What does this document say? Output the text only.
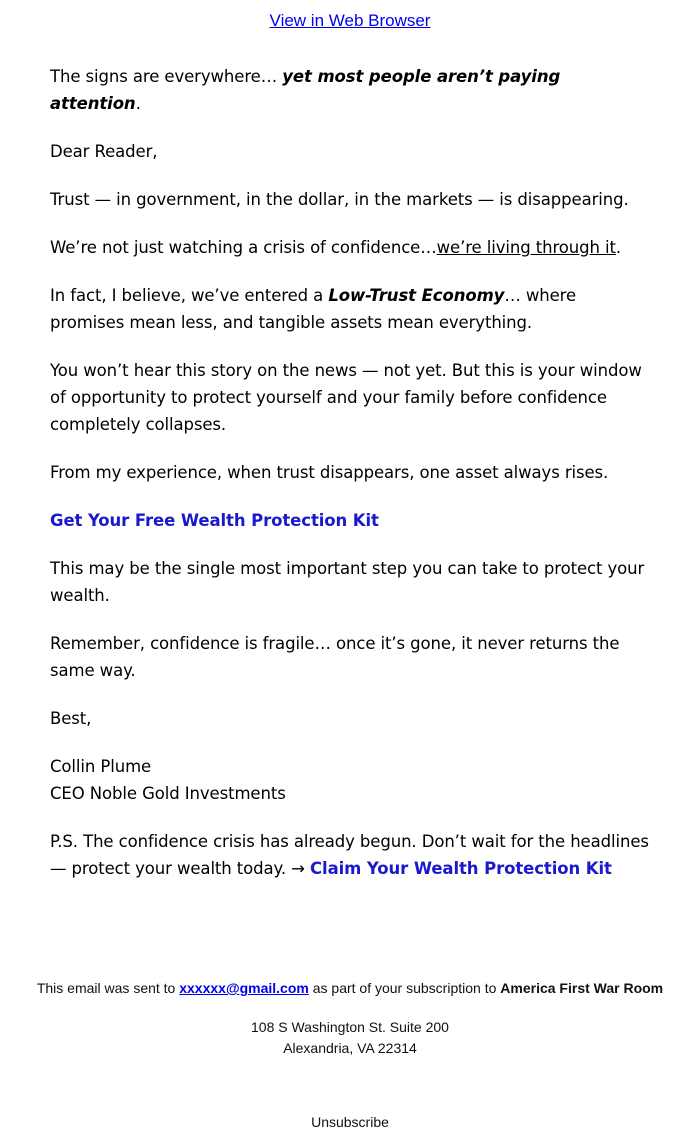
View in Web Browser

The signs are everywhere… yet most people aren’t paying attention.

Dear Reader,

Trust — in government, in the dollar, in the markets — is disappearing.

We’re not just watching a crisis of confidence…we’re living through it.

In fact, I believe, we’ve entered a Low-Trust Economy… where promises mean less, and tangible assets mean everything.

You won’t hear this story on the news — not yet. But this is your window of opportunity to protect yourself and your family before confidence completely collapses.

From my experience, when trust disappears, one asset always rises.

Get Your Free Wealth Protection Kit

This may be the single most important step you can take to protect your wealth.

Remember, confidence is fragile… once it’s gone, it never returns the same way.

Best,

Collin Plume
CEO Noble Gold Investments

P.S. The confidence crisis has already begun. Don’t wait for the headlines — protect your wealth today. → Claim Your Wealth Protection Kit

This email was sent to xxxxxx@gmail.com as part of your subscription to America First War Room
108 S Washington St. Suite 200
Alexandria, VA 22314
Unsubscribe
